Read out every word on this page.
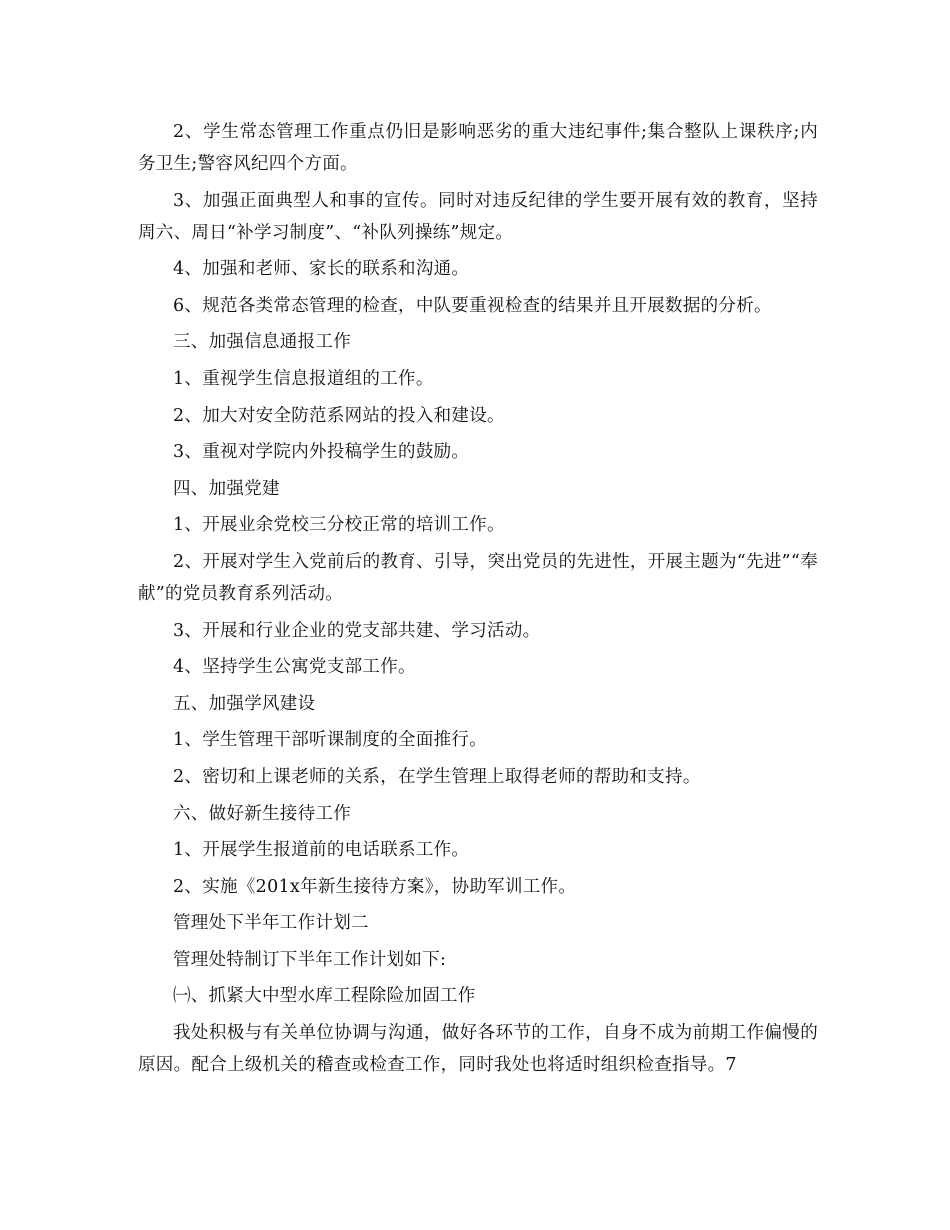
2、学生常态管理工作重点仍旧是影响恶劣的重大违纪事件;集合整队上课秩序;内务卫生;警容风纪四个方面。

3、加强正面典型人和事的宣传。同时对违反纪律的学生要开展有效的教育，坚持周六、周日“补学习制度”、“补队列操练”规定。

4、加强和老师、家长的联系和沟通。

6、规范各类常态管理的检查，中队要重视检查的结果并且开展数据的分析。

三、加强信息通报工作

1、重视学生信息报道组的工作。

2、加大对安全防范系网站的投入和建设。

3、重视对学院内外投稿学生的鼓励。

四、加强党建

1、开展业余党校三分校正常的培训工作。

2、开展对学生入党前后的教育、引导，突出党员的先进性，开展主题为“先进”“奉献”的党员教育系列活动。

3、开展和行业企业的党支部共建、学习活动。

4、坚持学生公寓党支部工作。

五、加强学风建设

1、学生管理干部听课制度的全面推行。

2、密切和上课老师的关系，在学生管理上取得老师的帮助和支持。

六、做好新生接待工作

1、开展学生报道前的电话联系工作。

2、实施《201x年新生接待方案》，协助军训工作。

管理处下半年工作计划二

管理处特制订下半年工作计划如下:

㈠、抓紧大中型水库工程除险加固工作

我处积极与有关单位协调与沟通，做好各环节的工作，自身不成为前期工作偏慢的原因。配合上级机关的稽查或检查工作，同时我处也将适时组织检查指导。7
